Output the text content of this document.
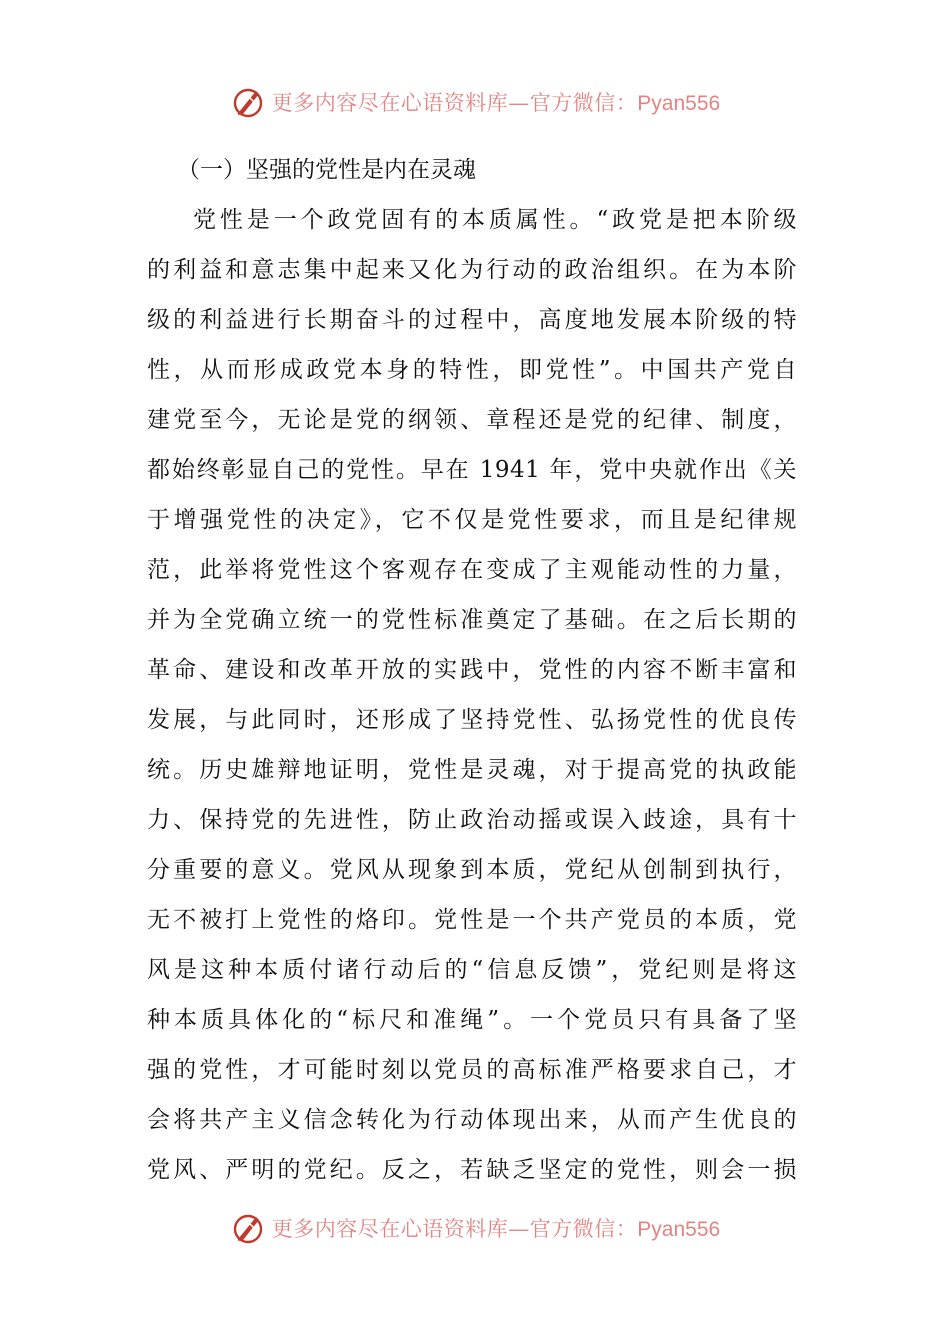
更多内容尽在心语资料库—官方微信：Pyan556
（一）坚强的党性是内在灵魂
党性是一个政党固有的本质属性。“政党是把本阶级
的利益和意志集中起来又化为行动的政治组织。在为本阶
级的利益进行长期奋斗的过程中，高度地发展本阶级的特
性，从而形成政党本身的特性，即党性”。中国共产党自
建党至今，无论是党的纲领、章程还是党的纪律、制度，
都始终彰显自己的党性。早在 1941 年，党中央就作出《关
于增强党性的决定》，它不仅是党性要求，而且是纪律规
范，此举将党性这个客观存在变成了主观能动性的力量，
并为全党确立统一的党性标准奠定了基础。在之后长期的
革命、建设和改革开放的实践中，党性的内容不断丰富和
发展，与此同时，还形成了坚持党性、弘扬党性的优良传
统。历史雄辩地证明，党性是灵魂，对于提高党的执政能
力、保持党的先进性，防止政治动摇或误入歧途，具有十
分重要的意义。党风从现象到本质，党纪从创制到执行，
无不被打上党性的烙印。党性是一个共产党员的本质，党
风是这种本质付诸行动后的“信息反馈”，党纪则是将这
种本质具体化的“标尺和准绳”。一个党员只有具备了坚
强的党性，才可能时刻以党员的高标准严格要求自己，才
会将共产主义信念转化为行动体现出来，从而产生优良的
党风、严明的党纪。反之，若缺乏坚定的党性，则会一损
更多内容尽在心语资料库—官方微信：Pyan556
